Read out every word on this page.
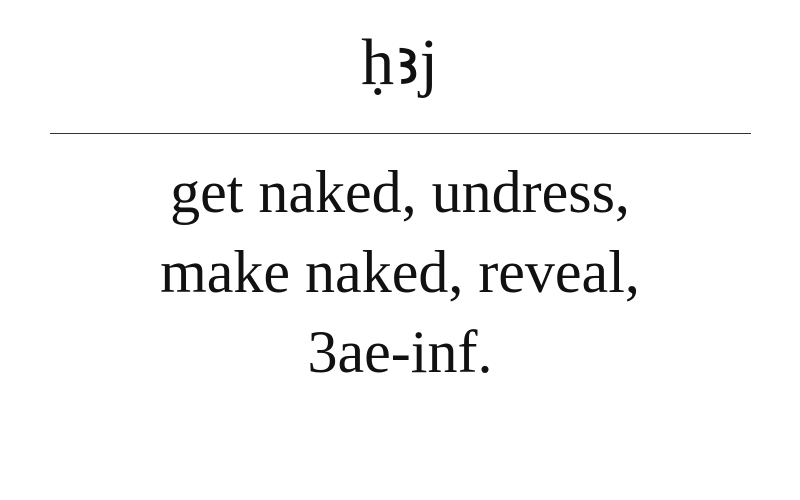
ḥꜣj
get naked, undress,
make naked, reveal,
3ae-inf.
